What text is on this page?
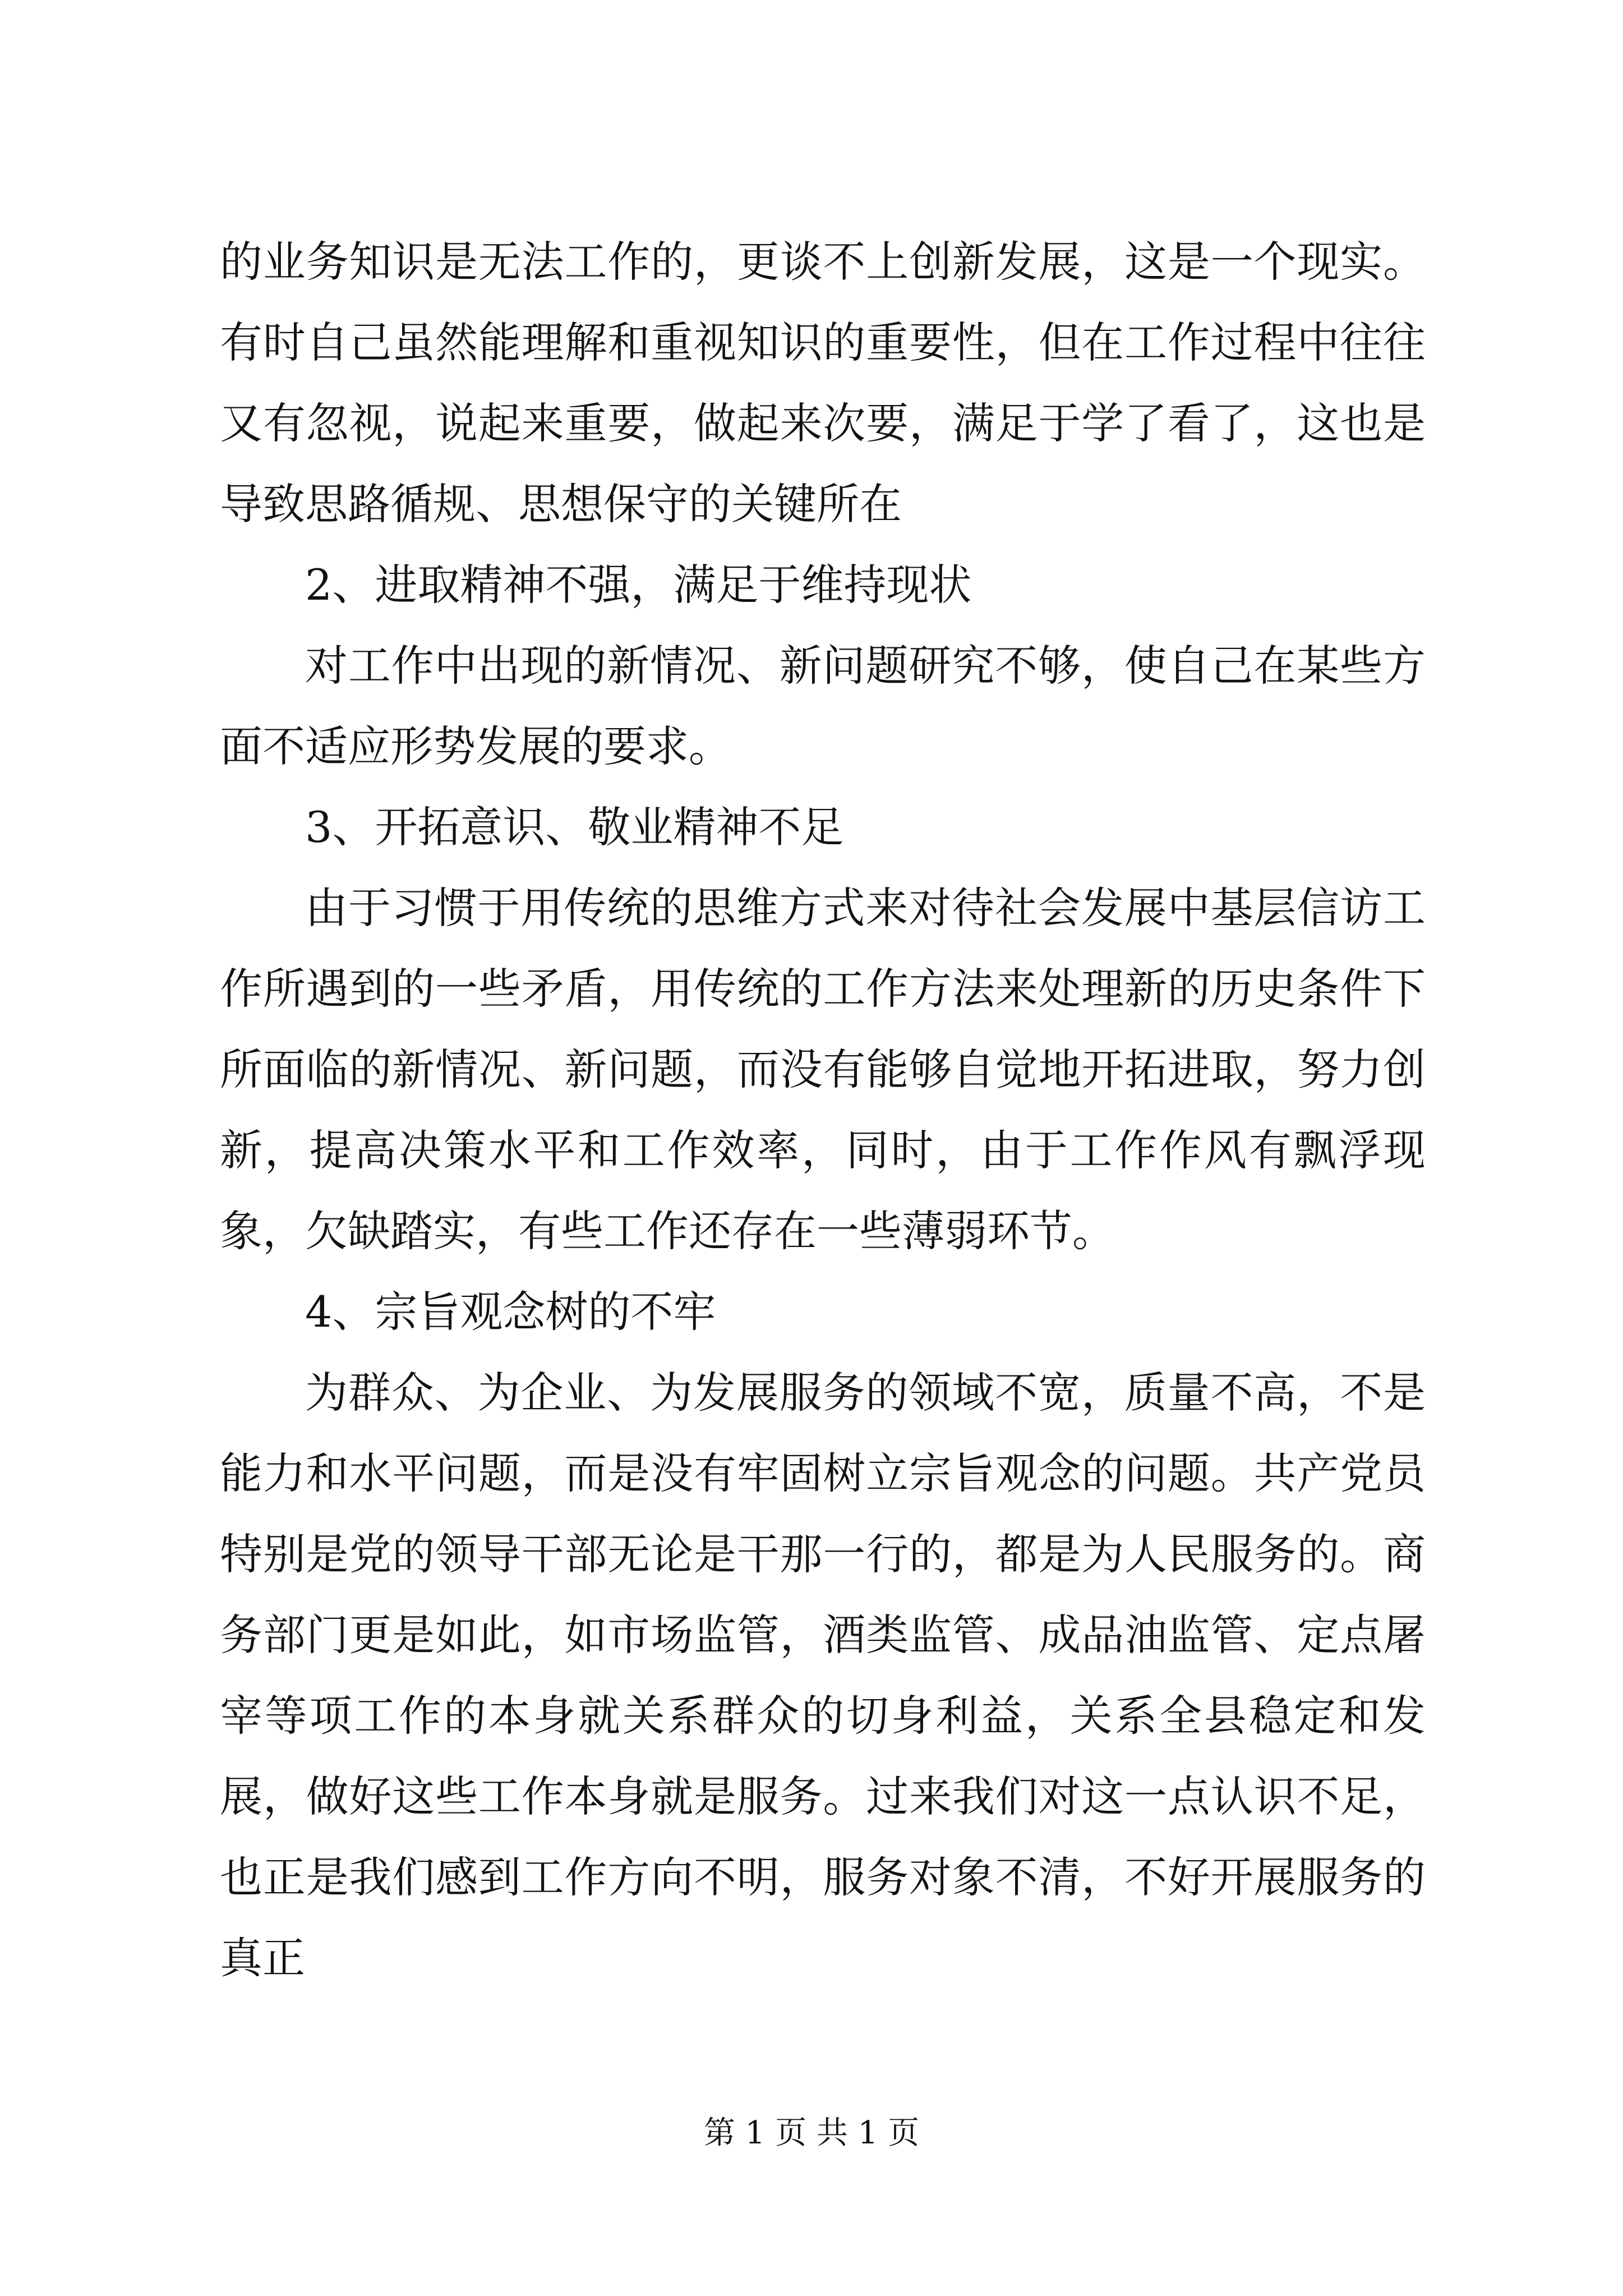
的业务知识是无法工作的，更谈不上创新发展，这是一个现实。有时自己虽然能理解和重视知识的重要性，但在工作过程中往往又有忽视，说起来重要，做起来次要，满足于学了看了，这也是导致思路循规、思想保守的关键所在

2、进取精神不强，满足于维持现状

对工作中出现的新情况、新问题研究不够，使自己在某些方面不适应形势发展的要求。

3、开拓意识、敬业精神不足

由于习惯于用传统的思维方式来对待社会发展中基层信访工作所遇到的一些矛盾，用传统的工作方法来处理新的历史条件下所面临的新情况、新问题，而没有能够自觉地开拓进取，努力创新，提高决策水平和工作效率，同时，由于工作作风有飘浮现象，欠缺踏实，有些工作还存在一些薄弱环节。

4、宗旨观念树的不牢

为群众、为企业、为发展服务的领域不宽，质量不高，不是能力和水平问题，而是没有牢固树立宗旨观念的问题。共产党员特别是党的领导干部无论是干那一行的，都是为人民服务的。商务部门更是如此，如市场监管，酒类监管、成品油监管、定点屠宰等项工作的本身就关系群众的切身利益，关系全县稳定和发展，做好这些工作本身就是服务。过来我们对这一点认识不足，也正是我们感到工作方向不明，服务对象不清，不好开展服务的真正

第 1 页 共 1 页
